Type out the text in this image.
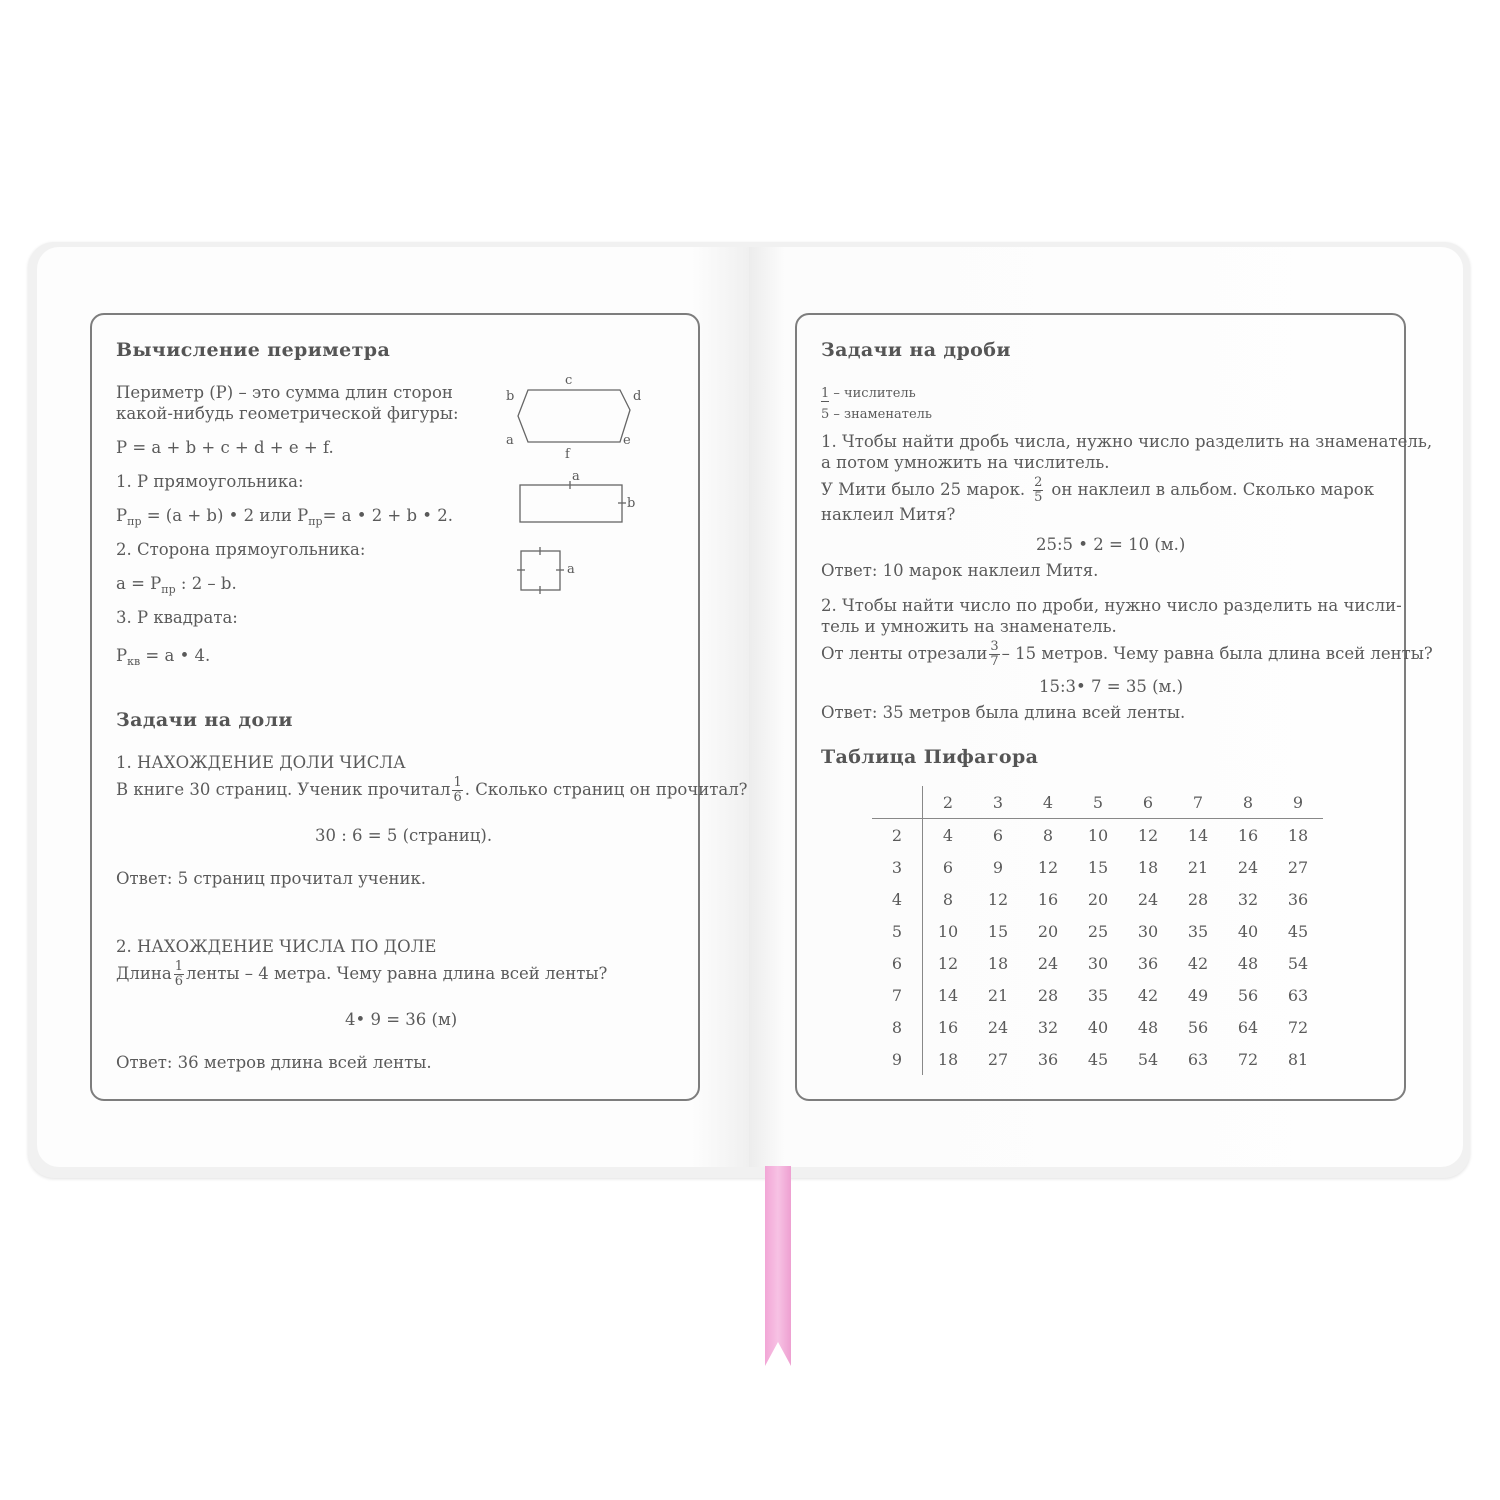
Вычисление периметра
Периметр (P) – это сумма длин сторон
какой-нибудь геометрической фигуры:
P = a + b + c + d + e + f.
1. P прямоугольника:
$P_{пр} = (a + b)$ • 2 или $P_{пр}= a$ • 2 + b • 2.
2. Сторона прямоугольника:
$a = P_{пр}$ : 2 – b.
3. P квадрата:
$P_{кв} = a$ • 4.
c
b	d
a	e
f
a
b
a
Задачи на доли
1. НАХОЖДЕНИЕ ДОЛИ ЧИСЛА
В книге 30 страниц. Ученик прочитал $\frac{1}{6}$ . Сколько страниц он прочитал?
30 : 6 = 5 (страниц).
Ответ: 5 страниц прочитал ученик.
2. НАХОЖДЕНИЕ ЧИСЛА ПО ДОЛЕ
Длина $\frac{1}{6}$ ленты – 4 метра. Чему равна длина всей ленты?
4• 9 = 36 (м)
Ответ: 36 метров длина всей ленты.
Задачи на дроби
1 – числитель
5 – знаменатель
1. Чтобы найти дробь числа, нужно число разделить на знаменатель,
а потом умножить на числитель.
У Мити было 25 марок. $\frac{2}{5}$ он наклеил в альбом. Сколько марок
наклеил Митя?
25:5 • 2 = 10 (м.)
Ответ: 10 марок наклеил Митя.
2. Чтобы найти число по дроби, нужно число разделить на числи-
тель и умножить на знаменатель.
От ленты отрезали $\frac{3}{7} - 15$ метров. Чему равна была длина всей ленты?
15:3• 7 = 35 (м.)
Ответ: 35 метров была длина всей ленты.
Таблица Пифагора
	2	3	4	5	6	7	8	9
2	4	6	8	10	12	14	16	18
3	6	9	12	15	18	21	24	27
4	8	12	16	20	24	28	32	36
5	10	15	20	25	30	35	40	45
6	12	18	24	30	36	42	48	54
7	14	21	28	35	42	49	56	63
8	16	24	32	40	48	56	64	72
9	18	27	36	45	54	63	72	81
